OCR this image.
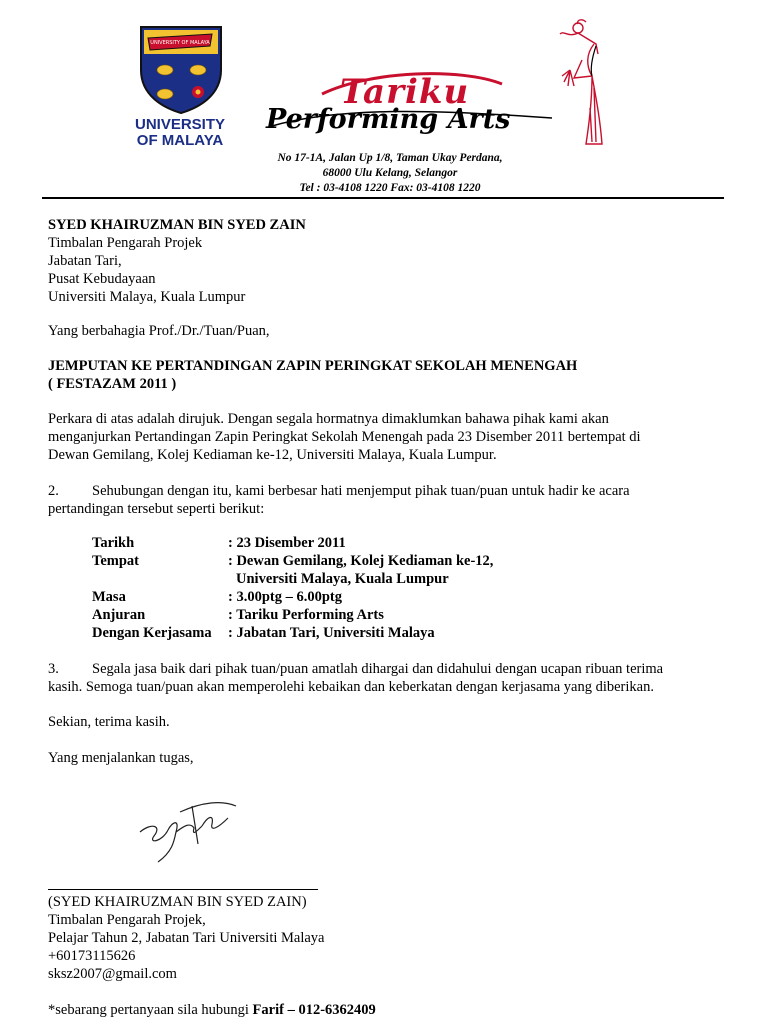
UNIVERSITY OF MALAYA
UNIVERSITY
OF MALAYA
Tariku
Performing Arts
No 17-1A, Jalan Up 1/8, Taman Ukay Perdana,
68000 Ulu Kelang, Selangor
Tel : 03-4108 1220 Fax: 03-4108 1220
SYED KHAIRUZMAN BIN SYED ZAIN
Timbalan Pengarah Projek
Jabatan Tari,
Pusat Kebudayaan
Universiti Malaya, Kuala Lumpur
Yang berbahagia Prof./Dr./Tuan/Puan,
JEMPUTAN KE PERTANDINGAN ZAPIN PERINGKAT SEKOLAH MENENGAH
( FESTAZAM 2011 )
Perkara di atas adalah dirujuk. Dengan segala hormatnya dimaklumkan bahawa pihak kami akan
menganjurkan Pertandingan Zapin Peringkat Sekolah Menengah pada 23 Disember 2011 bertempat di
Dewan Gemilang, Kolej Kediaman ke-12, Universiti Malaya, Kuala Lumpur.
2. Sehubungan dengan itu, kami berbesar hati menjemput pihak tuan/puan untuk hadir ke acara
pertandingan tersebut seperti berikut:
Tarikh	: 23 Disember 2011
Tempat	: Dewan Gemilang, Kolej Kediaman ke-12,
Universiti Malaya, Kuala Lumpur
Masa	: 3.00ptg – 6.00ptg
Anjuran	: Tariku Performing Arts
Dengan Kerjasama : Jabatan Tari, Universiti Malaya
3. Segala jasa baik dari pihak tuan/puan amatlah dihargai dan didahului dengan ucapan ribuan terima
kasih. Semoga tuan/puan akan memperolehi kebaikan dan keberkatan dengan kerjasama yang diberikan.
Sekian, terima kasih.
Yang menjalankan tugas,
(SYED KHAIRUZMAN BIN SYED ZAIN)
Timbalan Pengarah Projek,
Pelajar Tahun 2, Jabatan Tari Universiti Malaya
+60173115626
sksz2007@gmail.com
*sebarang pertanyaan sila hubungi Farif – 012-6362409
